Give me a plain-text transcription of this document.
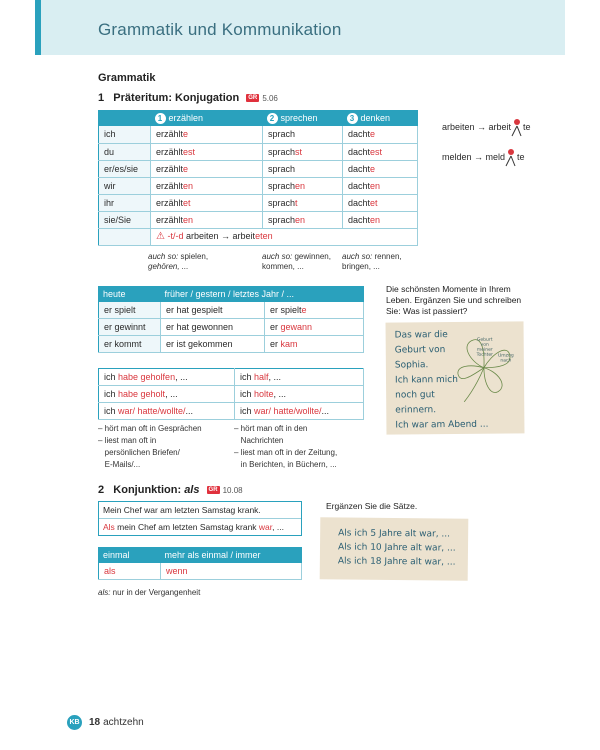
Grammatik und Kommunikation
Grammatik
1 Präteritum: Konjugation GR 5.06
	1 erzählen	2 sprechen	3 denken
ich	erzählte	sprach	dachte
du	erzähltest	sprachst	dachtest
er/es/sie	erzählte	sprach	dachte
wir	erzählten	sprachen	dachten
ihr	erzähltet	spracht	dachtet
sie/Sie	erzählten	sprachen	dachten
	⚠ -t/-d arbeiten → arbeiteten		
arbeiten → arbeit te
melden → meld te
auch so: spielen,
gehören, ...
auch so: gewinnen,
kommen, ...
auch so: rennen,
bringen, ...
heute	früher / gestern / letztes Jahr / ...	
er spielt	er hat gespielt	er spielte
er gewinnt	er hat gewonnen	er gewann
er kommt	er ist gekommen	er kam
ich habe geholfen, ...	ich half, ...
ich habe geholt, ...	ich holte, ...
ich war/ hatte/wollte/...	ich war/ hatte/wollte/...
– hört man oft in Gesprächen
– liest man oft in
persönlichen Briefen/
E-Mails/...
– hört man oft in den
Nachrichten
– liest man oft in der Zeitung,
in Berichten, in Büchern, ...
Die schönsten Momente in Ihrem Leben. Ergänzen Sie und schreiben Sie: Was ist passiert?
Das war die
Geburt von
Sophia.
Ich kann mich
noch gut
erinnern.
Ich war am Abend ...
Geburt von meiner Tochter	Umzug nach
2 Konjunktion: als GR 10.08
Mein Chef war am letzten Samstag krank.
Als mein Chef am letzten Samstag krank war, ...
einmal	mehr als einmal / immer
als	wenn
als: nur in der Vergangenheit
Ergänzen Sie die Sätze.
Als ich 5 Jahre alt war, ...
Als ich 10 Jahre alt war, ...
Als ich 18 Jahre alt war, ...
KB 18 achtzehn
